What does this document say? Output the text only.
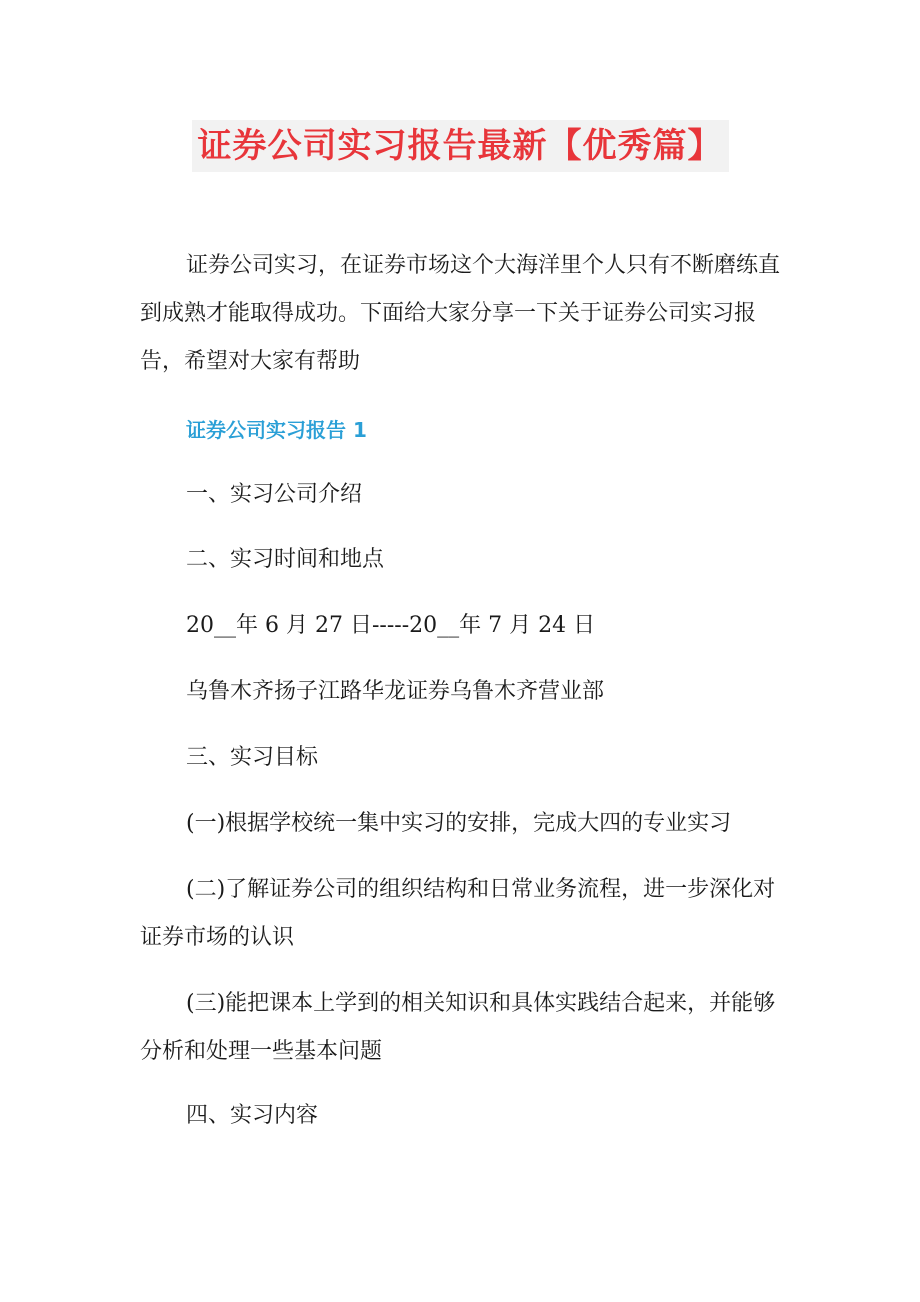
证券公司实习报告最新【优秀篇】

证券公司实习，在证券市场这个大海洋里个人只有不断磨练直到成熟才能取得成功。下面给大家分享一下关于证券公司实习报告，希望对大家有帮助

证券公司实习报告 1
一、实习公司介绍
二、实习时间和地点
20__年 6 月 27 日-----20__年 7 月 24 日
乌鲁木齐扬子江路华龙证券乌鲁木齐营业部
三、实习目标
(一)根据学校统一集中实习的安排，完成大四的专业实习

(二)了解证券公司的组织结构和日常业务流程，进一步深化对证券市场的认识

(三)能把课本上学到的相关知识和具体实践结合起来，并能够分析和处理一些基本问题

四、实习内容
